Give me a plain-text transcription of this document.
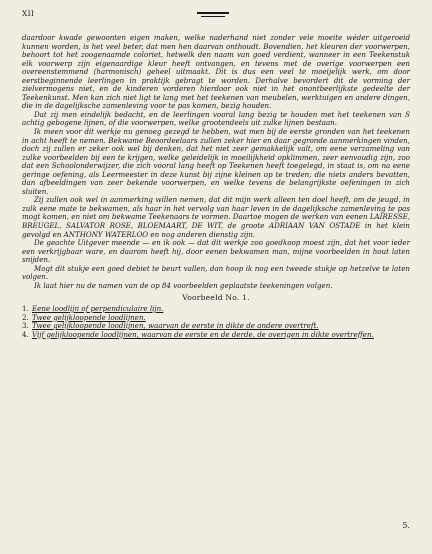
XII

daardoor kwade gewoonten eigen maken, welke naderhand niet zonder vele moeite wéder uitgeroeid kunnen worden, is het veel beter, dat men hen daarvan onthoudt. Bovendien, het kleuren der voorwerpen, behoort tot het zoogenaamde coloriet, hetwelk den naam van goed verdient, wanneer in een Teekenstuk elk voorwerp zijn eigenaardige kleur heeft ontvangen, en tevens met de overige voorwerpen een overeenstemmend (harmonisch) geheel uitmaakt. Dit is dus een veel te moeijelijk werk, om door eerstbeginnende leerlingen in praktijk gebragt te worden. Derhalve bevordert dit de vorming der zielvermogens niet, en de kinderen vorderen hierdoor ook niet in het onontbeerlijkste gedeelte der Teekenkunst. Men kan zich niet ligt te lang met het teekenen van meubelen, werktuigen en andere dingen, die in de dagelijksche zamenleving voor te pas komen, bezig houden.

Dat zij men eindelijk bedacht, en de leerlingen vooral lang bezig te houden met het teekenen van S achtig gebogene lijnen, of die voorwerpen, welke grootendeels uit zulke lijnen bestaan.

Ik meen voor dit werkje nu genoeg gezegd te hebben, wat men bij de eerste gronden van het teekenen in acht heeft te nemen. Bekwame Beoordeelaars zullen zeker hier en daar gegronde aanmerkingen vinden, doch zij zullen er zeker ook wel bij denken, dat het niet zeer gemakkelijk valt, om eene verzameling van zulke voorbeelden bij een te krijgen, welke geleidelijk in moeilijkheid opklimmen, zeer eenvoudig zijn, zoo dat een Schoolonderwijzer, die zich vooral lang heeft op Teekenen heeft toegelegd, in staat is, om na eene geringe oefening, als Leermeester in deze kunst bij zijne kleinen op te treden; die niets anders bevatten, dan afbeeldingen van zeer bekende voorwerpen, en welke tevens de belangrijkste oefeningen in zich sluiten.

Zij zullen ook wel in aanmerking willen nemen, dat dit mijn werk alleen ten doel heeft, om de jeugd, in zulk eene mate te bekwamen, als haar in het vervolg van haar leven in de dagelijksche zamenleving te pas mogt komen, en niet om bekwame Teekenaars te vormen. Daartoe mogen de werken van eenen LAIRESSE, BREUGEL, SALVATOR ROSE, BLOEMAART, DE WIT, de groote ADRIAAN VAN OSTADE in het klein gevolgd en ANTHONY WATERLOO en nog anderen dienstig zijn.

De geachte Uitgever meende — en ik ook — dat dit werkje zoo goedkoop moest zijn, dat het voor ieder een verkrijgbaar ware, en daarom heeft hij, door eenen bekwamen man, mijne voorbeelden in hout laten snijden.

Mogt dit stukje een goed debiet te beurt vallen, dan hoop ik nog een tweede stukje op hetzelve te laten volgen.

Ik laat hier nu de namen van de op 84 voorbeelden geplaatste teekeningen volgen.

Voorbeeld No. 1.
1. Eene loodlijn of perpendiculaire lijn.
2. Twee gelijkloopende loodlijnen.
3. Twee gelijkloopende loodlijnen, waarvan de eerste in dikte de andere overtreft.
4. Vijf gelijkloopende loodlijnen, waarvan de eerste en de derde, de overigen in dikte overtreffen.
5.
